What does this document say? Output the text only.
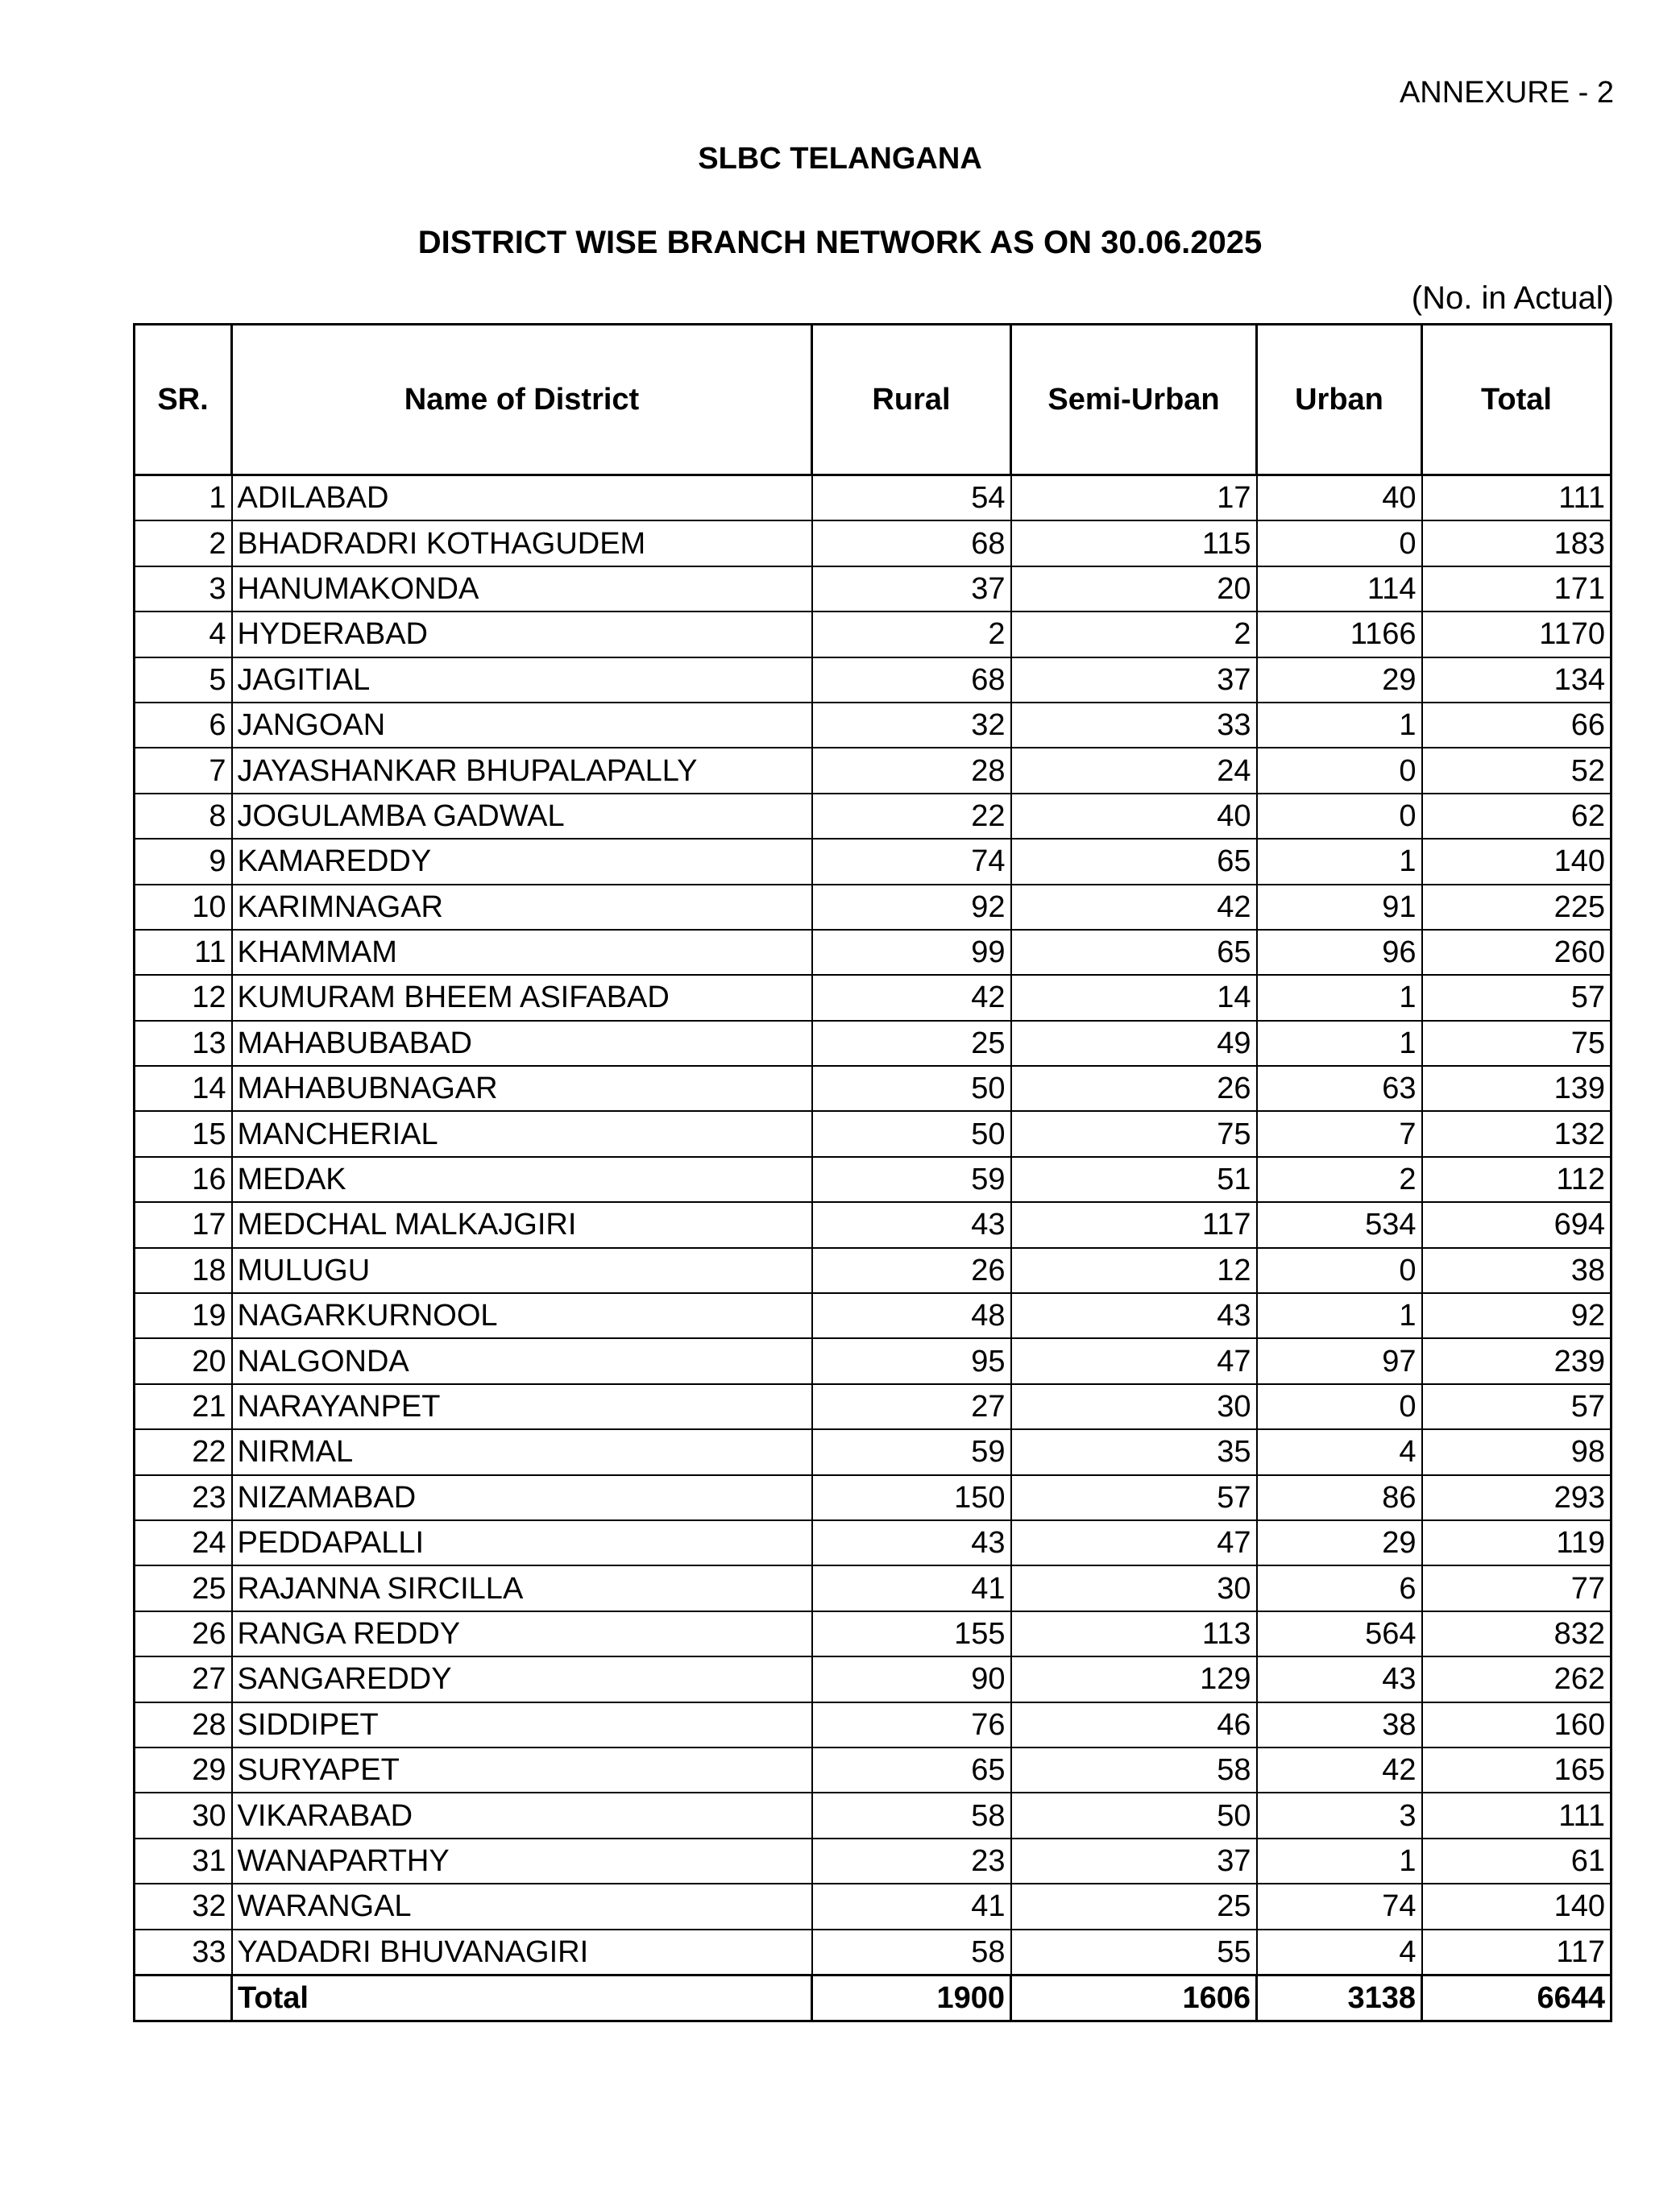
ANNEXURE - 2
SLBC TELANGANA
DISTRICT WISE BRANCH NETWORK AS ON 30.06.2025
(No. in Actual)
SR.	Name of District	Rural	Semi-Urban	Urban	Total
1	ADILABAD	54	17	40	111
2	BHADRADRI KOTHAGUDEM	68	115	0	183
3	HANUMAKONDA	37	20	114	171
4	HYDERABAD	2	2	1166	1170
5	JAGITIAL	68	37	29	134
6	JANGOAN	32	33	1	66
7	JAYASHANKAR BHUPALAPALLY	28	24	0	52
8	JOGULAMBA GADWAL	22	40	0	62
9	KAMAREDDY	74	65	1	140
10	KARIMNAGAR	92	42	91	225
11	KHAMMAM	99	65	96	260
12	KUMURAM BHEEM ASIFABAD	42	14	1	57
13	MAHABUBABAD	25	49	1	75
14	MAHABUBNAGAR	50	26	63	139
15	MANCHERIAL	50	75	7	132
16	MEDAK	59	51	2	112
17	MEDCHAL MALKAJGIRI	43	117	534	694
18	MULUGU	26	12	0	38
19	NAGARKURNOOL	48	43	1	92
20	NALGONDA	95	47	97	239
21	NARAYANPET	27	30	0	57
22	NIRMAL	59	35	4	98
23	NIZAMABAD	150	57	86	293
24	PEDDAPALLI	43	47	29	119
25	RAJANNA SIRCILLA	41	30	6	77
26	RANGA REDDY	155	113	564	832
27	SANGAREDDY	90	129	43	262
28	SIDDIPET	76	46	38	160
29	SURYAPET	65	58	42	165
30	VIKARABAD	58	50	3	111
31	WANAPARTHY	23	37	1	61
32	WARANGAL	41	25	74	140
33	YADADRI BHUVANAGIRI	58	55	4	117
	Total	1900	1606	3138	6644
